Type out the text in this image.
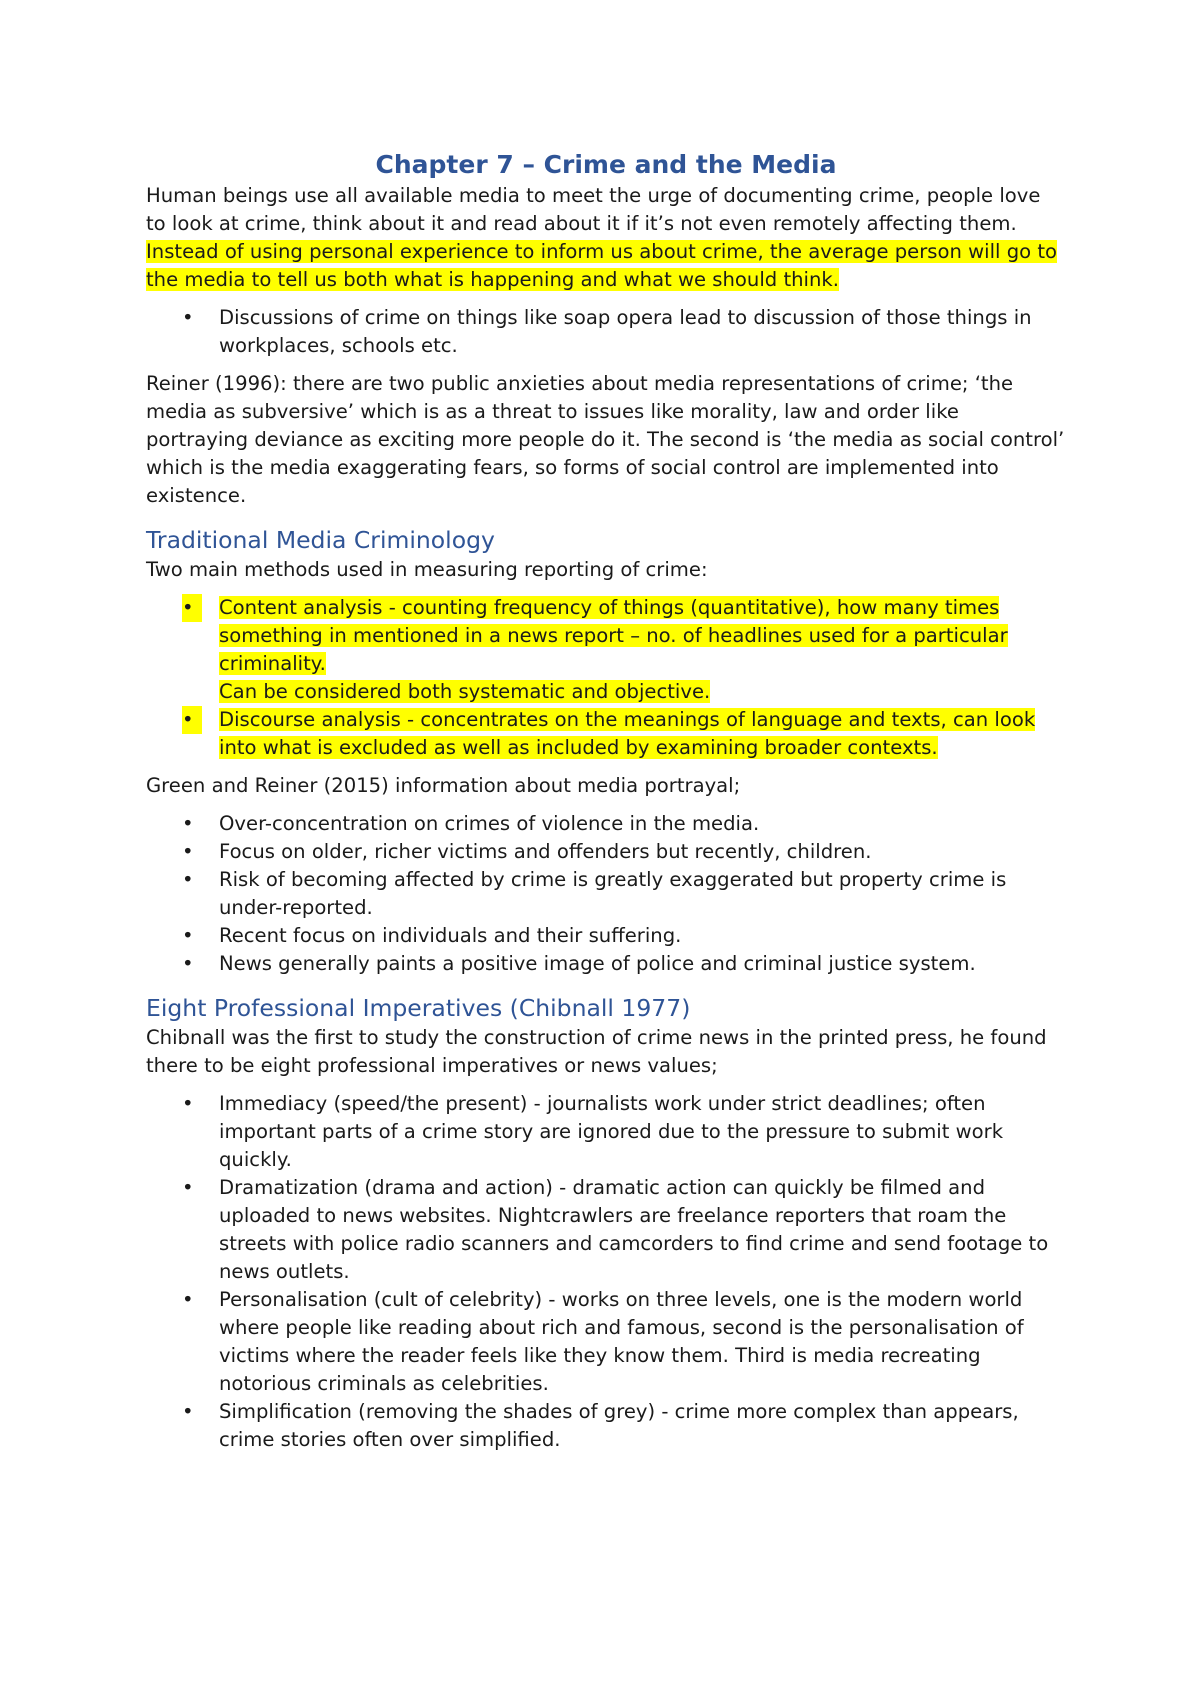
Chapter 7 – Crime and the Media

Human beings use all available media to meet the urge of documenting crime, people love to look at crime, think about it and read about it if it’s not even remotely affecting them. Instead of using personal experience to inform us about crime, the average person will go to the media to tell us both what is happening and what we should think.

•	Discussions of crime on things like soap opera lead to discussion of those things in workplaces, schools etc.

Reiner (1996): there are two public anxieties about media representations of crime; ‘the media as subversive’ which is as a threat to issues like morality, law and order like portraying deviance as exciting more people do it. The second is ‘the media as social control’ which is the media exaggerating fears, so forms of social control are implemented into existence.

Traditional Media Criminology

Two main methods used in measuring reporting of crime:

•	Content analysis - counting frequency of things (quantitative), how many times something in mentioned in a news report – no. of headlines used for a particular criminality.
Can be considered both systematic and objective.
•	Discourse analysis - concentrates on the meanings of language and texts, can look into what is excluded as well as included by examining broader contexts.

Green and Reiner (2015) information about media portrayal;

•	Over-concentration on crimes of violence in the media.
•	Focus on older, richer victims and offenders but recently, children.
•	Risk of becoming affected by crime is greatly exaggerated but property crime is under-reported.
•	Recent focus on individuals and their suffering.
•	News generally paints a positive image of police and criminal justice system.
Eight Professional Imperatives (Chibnall 1977)

Chibnall was the first to study the construction of crime news in the printed press, he found there to be eight professional imperatives or news values;

•	Immediacy (speed/the present) - journalists work under strict deadlines; often important parts of a crime story are ignored due to the pressure to submit work quickly.
•	Dramatization (drama and action) - dramatic action can quickly be filmed and uploaded to news websites. Nightcrawlers are freelance reporters that roam the streets with police radio scanners and camcorders to find crime and send footage to news outlets.
•	Personalisation (cult of celebrity) - works on three levels, one is the modern world where people like reading about rich and famous, second is the personalisation of victims where the reader feels like they know them. Third is media recreating notorious criminals as celebrities.
•	Simplification (removing the shades of grey) - crime more complex than appears, crime stories often over simplified.
